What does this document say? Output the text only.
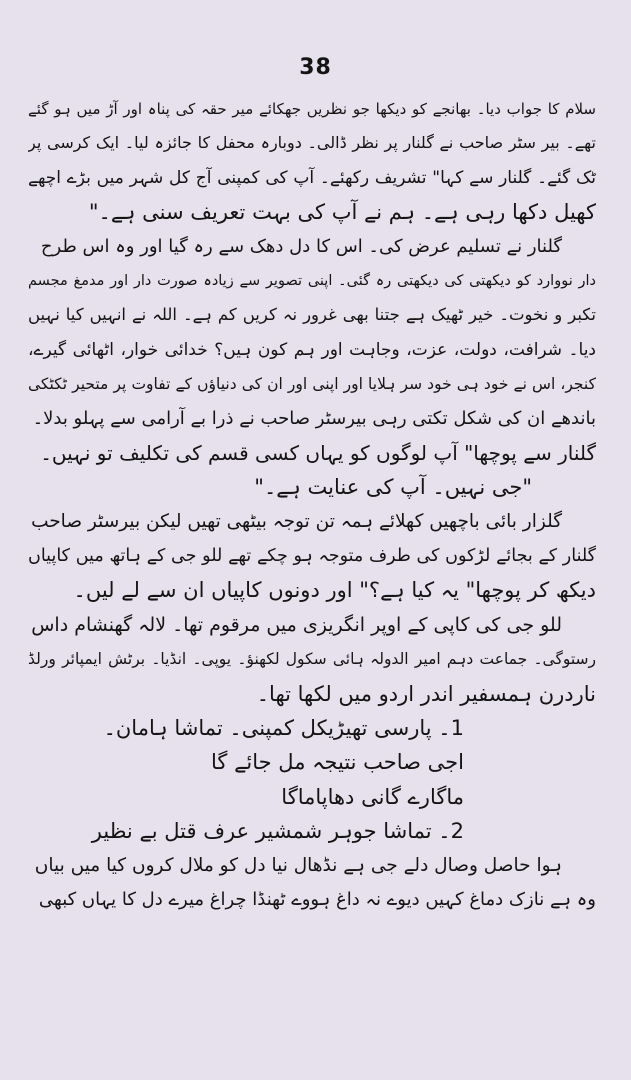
38
سلام کا جواب دیا۔ بھانجے کو دیکھا جو نظریں جھکائے میر حقہ کی پناہ اور آڑ میں ہو گئے
تھے۔ بیر سٹر صاحب نے گلنار پر نظر ڈالی۔ دوبارہ محفل کا جائزہ لیا۔ ایک کرسی پر
ٹک گئے۔ گلنار سے کہا" تشریف رکھئے۔ آپ کی کمپنی آج کل شہر میں بڑے اچھے
کھیل دکھا رہی ہے۔ ہم نے آپ کی بہت تعریف سنی ہے۔"
گلنار نے تسلیم عرض کی۔ اس کا دل دھک سے رہ گیا اور وہ اس طرح
دار نووارد کو دیکھتی کی دیکھتی رہ گئی۔ اپنی تصویر سے زیادہ صورت دار اور مدمغ مجسم
تکبر و نخوت۔ خیر ٹھیک ہے جتنا بھی غرور نہ کریں کم ہے۔ اللہ نے انہیں کیا نہیں
دیا۔ شرافت، دولت، عزت، وجاہت اور ہم کون ہیں؟ خدائی خوار، اٹھائی گیرے،
کنجر، اس نے خود ہی خود سر ہلایا اور اپنی اور ان کی دنیاؤں کے تفاوت پر متحیر ٹکٹکی
باندھے ان کی شکل تکتی رہی بیرسٹر صاحب نے ذرا بے آرامی سے پہلو بدلا۔
گلنار سے پوچھا" آپ لوگوں کو یہاں کسی قسم کی تکلیف تو نہیں۔
"جی نہیں۔ آپ کی عنایت ہے۔"
گلزار بائی باچھیں کھلائے ہمہ تن توجہ بیٹھی تھیں لیکن بیرسٹر صاحب
گلنار کے بجائے لڑکوں کی طرف متوجہ ہو چکے تھے للو جی کے ہاتھ میں کاپیاں
دیکھ کر پوچھا" یہ کیا ہے؟" اور دونوں کاپیاں ان سے لے لیں۔
للو جی کی کاپی کے اوپر انگریزی میں مرقوم تھا۔ لالہ گھنشام داس
رستوگی۔ جماعت دہم امیر الدولہ ہائی سکول لکھنؤ۔ یوپی۔ انڈیا۔ برٹش ایمپائر ورلڈ
ناردرن ہمسفیر اندر اردو میں لکھا تھا۔
1۔ پارسی تھیڑیکل کمپنی۔ تماشا ہامان۔
اجی صاحب نتیجہ مل جائے گا
ماگارے گانی دھاپاماگا
2۔ تماشا جوہر شمشیر عرف قتل بے نظیر
ہوا حاصل وصال دلے جی ہے نڈھال نیا دل کو ملال کروں کیا میں بیاں
وہ ہے نازک دماغ کہیں دیوے نہ داغ ہووے ٹھنڈا چراغ میرے دل کا یہاں کبھی
